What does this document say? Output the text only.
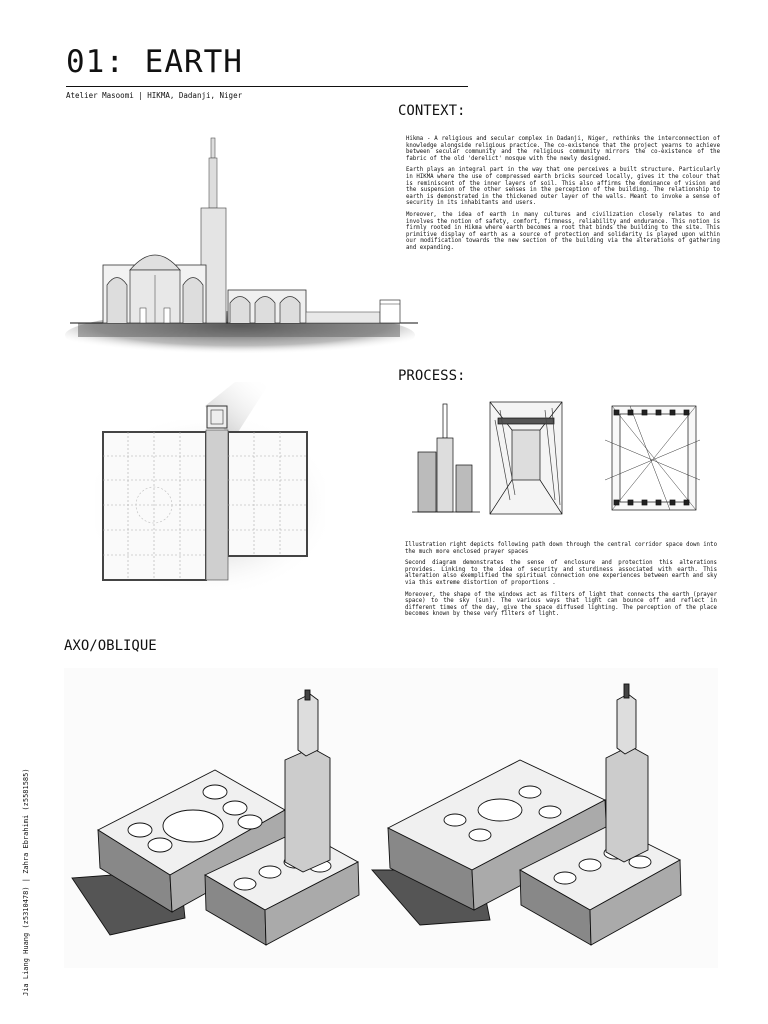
01: EARTH
Atelier Masoomi | HIKMA, Dadanji, Niger
CONTEXT:

Hikma - A religious and secular complex in Dadanji, Niger, rethinks the interconnection of knowledge alongside religious practice. The co-existence that the project yearns to achieve between secular community and the religious community mirrors the co-existence of the fabric of the old 'derelict' mosque with the newly designed.

Earth plays an integral part in the way that one perceives a built structure. Particularly in HIKMA where the use of compressed earth bricks sourced locally, gives it the colour that is reminiscent of the inner layers of soil. This also affirms the dominance of vision and the suspension of the other senses in the perception of the building. The relationship to earth is demonstrated in the thickened outer layer of the walls. Meant to invoke a sense of security in its inhabitants and users.

Moreover, the idea of earth in many cultures and civilization closely relates to and involves the notion of safety, comfort, firmness, reliability and endurance. This notion is firmly rooted in Hikma where earth becomes a root that binds the building to the site. This primitive display of earth as a source of protection and solidarity is played upon within our modification towards the new section of the building via the alterations of gathering and expanding.

PROCESS:

Illustration right depicts following path down through the central corridor space down into the much more enclosed prayer spaces

Second diagram demonstrates the sense of enclosure and protection this alterations provides. Linking to the idea of security and sturdiness associated with earth. This alteration also exemplified the spiritual connection one experiences between earth and sky via this extreme distortion of proportions .

Moreover, the shape of the windows act as filters of light that connects the earth (prayer space) to the sky (sun). The various ways that light can bounce off and reflect in different times of the day, give the space diffused lighting. The perception of the place becomes known by these very filters of light.

AXO/OBLIQUE
Jia Liang Huang (z5310478) | Zahra Ebrahimi (z5581585)
